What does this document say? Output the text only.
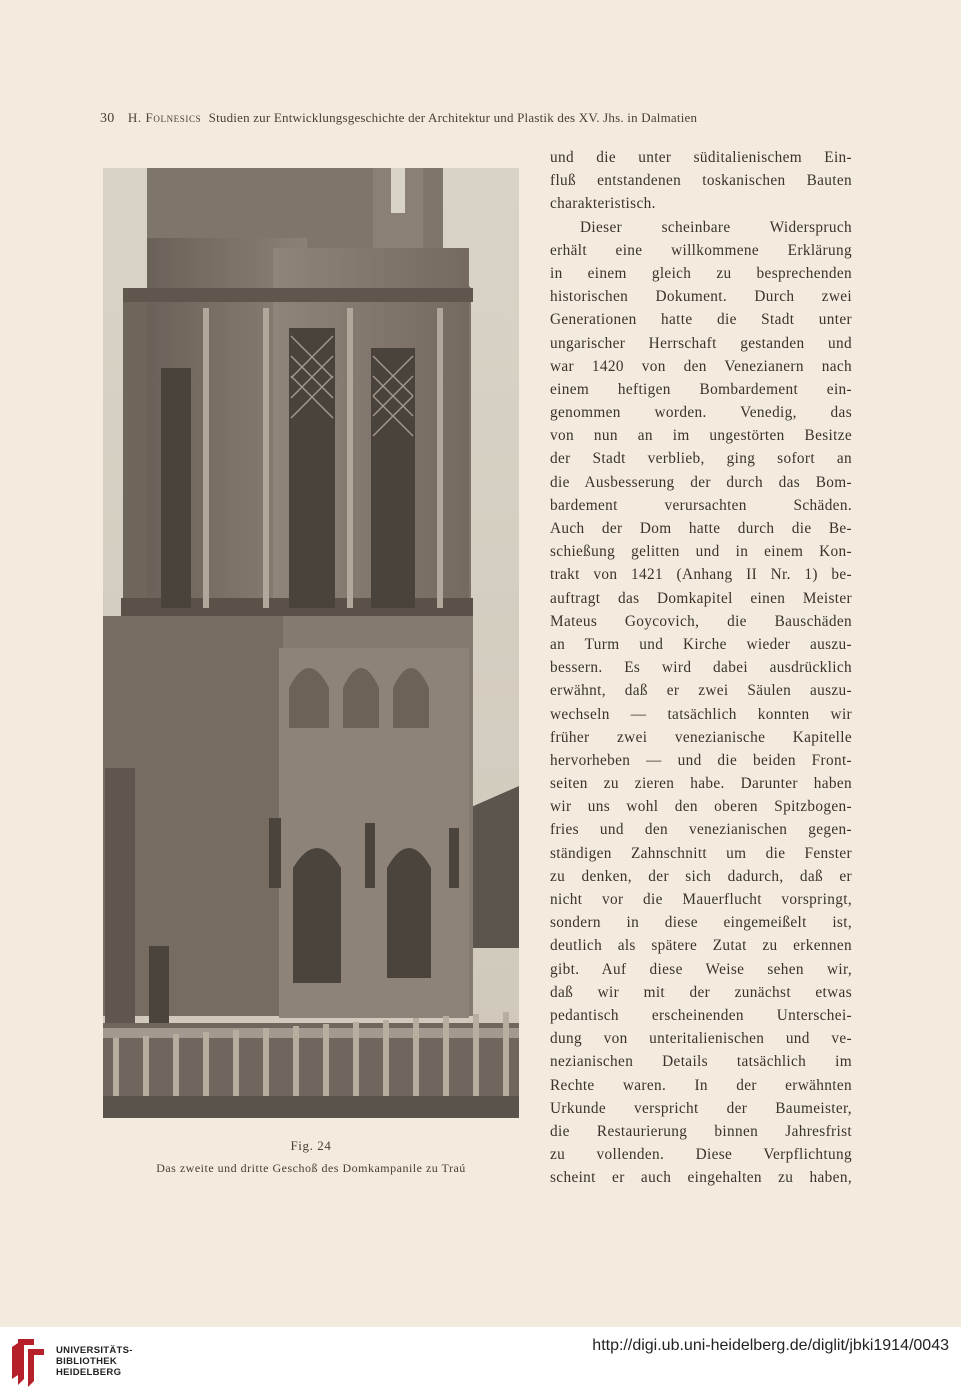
30 H. Folnesics Studien zur Entwicklungsgeschichte der Architektur und Plastik des XV. Jhs. in Dalmatien
Fig. 24
Das zweite und dritte Geschoß des Domkampanile zu Traú
und die unter süditalienischem Ein-
fluß entstandenen toskanischen Bauten
charakteristisch.
Dieser scheinbare Widerspruch
erhält eine willkommene Erklärung
in einem gleich zu besprechenden
historischen Dokument. Durch zwei
Generationen hatte die Stadt unter
ungarischer Herrschaft gestanden und
war 1420 von den Venezianern nach
einem heftigen Bombardement ein-
genommen worden. Venedig, das
von nun an im ungestörten Besitze
der Stadt verblieb, ging sofort an
die Ausbesserung der durch das Bom-
bardement verursachten Schäden.
Auch der Dom hatte durch die Be-
schießung gelitten und in einem Kon-
trakt von 1421 (Anhang II Nr. 1) be-
auftragt das Domkapitel einen Meister
Mateus Goycovich, die Bauschäden
an Turm und Kirche wieder auszu-
bessern. Es wird dabei ausdrücklich
erwähnt, daß er zwei Säulen auszu-
wechseln — tatsächlich konnten wir
früher zwei venezianische Kapitelle
hervorheben — und die beiden Front-
seiten zu zieren habe. Darunter haben
wir uns wohl den oberen Spitzbogen-
fries und den venezianischen gegen-
ständigen Zahnschnitt um die Fenster
zu denken, der sich dadurch, daß er
nicht vor die Mauerflucht vorspringt,
sondern in diese eingemeißelt ist,
deutlich als spätere Zutat zu erkennen
gibt. Auf diese Weise sehen wir,
daß wir mit der zunächst etwas
pedantisch erscheinenden Unterschei-
dung von unteritalienischen und ve-
nezianischen Details tatsächlich im
Rechte waren. In der erwähnten
Urkunde verspricht der Baumeister,
die Restaurierung binnen Jahresfrist
zu vollenden. Diese Verpflichtung
scheint er auch eingehalten zu haben,
UNIVERSITÄTS-
BIBLIOTHEK
HEIDELBERG
http://digi.ub.uni-heidelberg.de/diglit/jbki1914/0043
